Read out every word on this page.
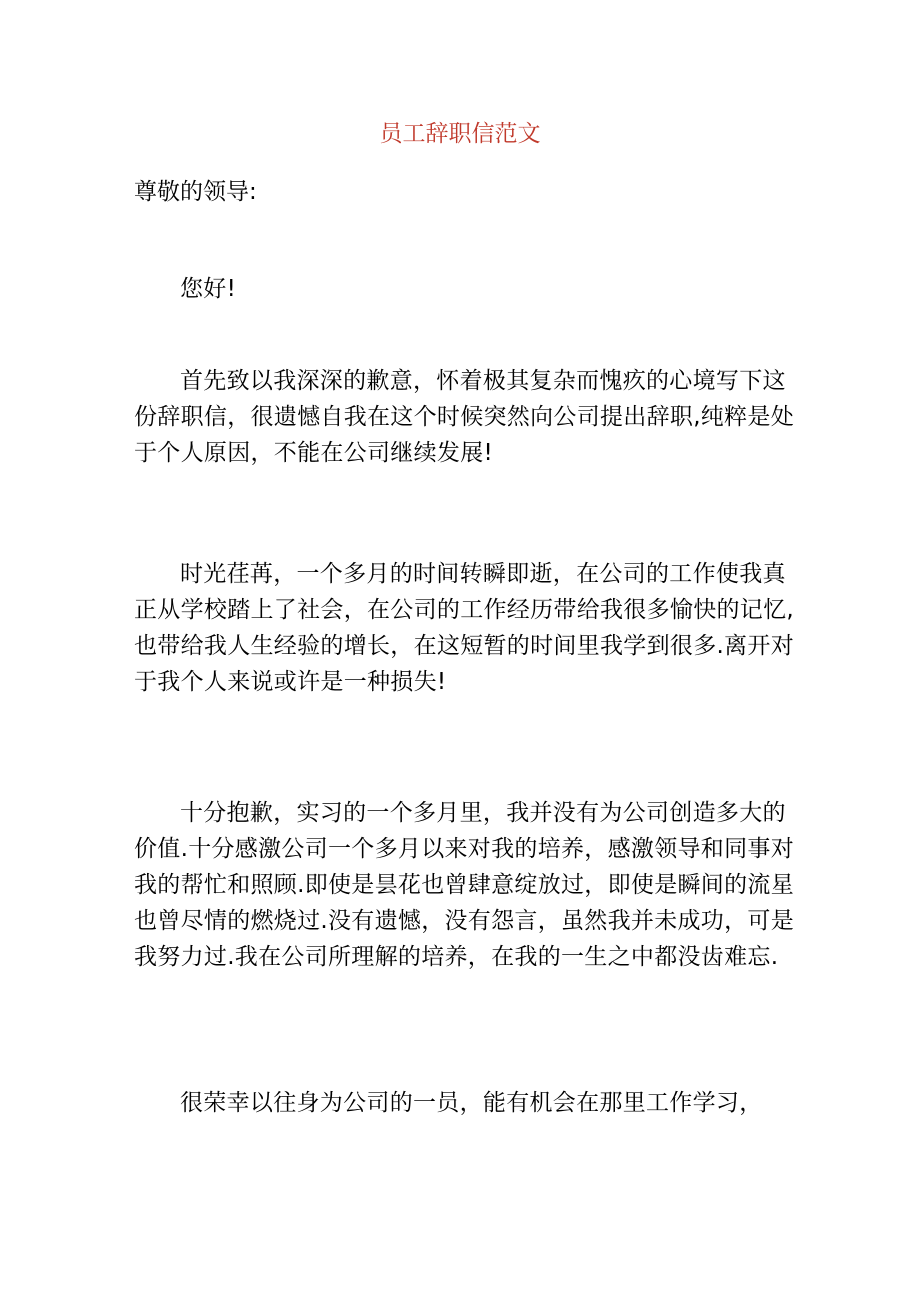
员工辞职信范文
尊敬的领导:

您好!

首先致以我深深的歉意，怀着极其复杂而愧疚的心境写下这
份辞职信，很遗憾自我在这个时候突然向公司提出辞职,纯粹是处
于个人原因，不能在公司继续发展!

时光荏苒，一个多月的时间转瞬即逝，在公司的工作使我真
正从学校踏上了社会，在公司的工作经历带给我很多愉快的记忆,
也带给我人生经验的增长，在这短暂的时间里我学到很多.离开对
于我个人来说或许是一种损失!

十分抱歉，实习的一个多月里，我并没有为公司创造多大的
价值.十分感激公司一个多月以来对我的培养，感激领导和同事对
我的帮忙和照顾.即使是昙花也曾肆意绽放过，即使是瞬间的流星
也曾尽情的燃烧过.没有遗憾，没有怨言，虽然我并未成功，可是
我努力过.我在公司所理解的培养，在我的一生之中都没齿难忘.

很荣幸以往身为公司的一员，能有机会在那里工作学习，
